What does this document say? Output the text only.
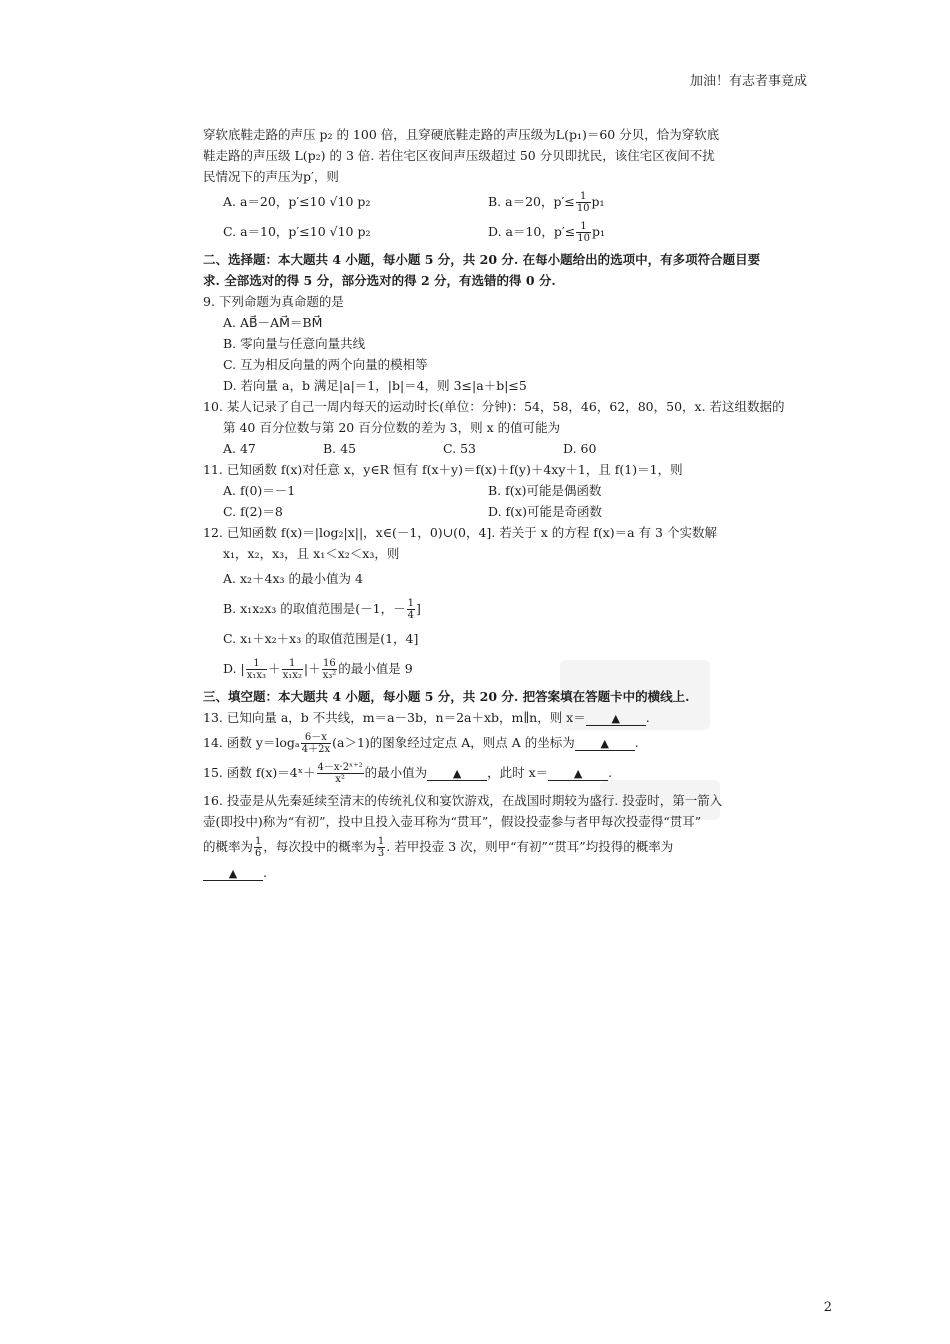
加油！有志者事竟成
穿软底鞋走路的声压 p₂ 的 100 倍，且穿硬底鞋走路的声压级为L(p₁)＝60 分贝，恰为穿软底
鞋走路的声压级 L(p₂) 的 3 倍. 若住宅区夜间声压级超过 50 分贝即扰民，该住宅区夜间不扰
民情况下的声压为p′，则
A. a＝20，p′≤10 √10 p₂	B. a＝20，$p'\le \frac{1}{10} p_1$
C. a＝10，p′≤10 √10 p₂	D. a＝10，$p'\le \frac{1}{10} p_1$
二、选择题：本大题共 4 小题，每小题 5 分，共 20 分. 在每小题给出的选项中，有多项符合题目要
求. 全部选对的得 5 分，部分选对的得 2 分，有选错的得 0 分.
9. 下列命题为真命题的是
A. AB⃗－AM⃗＝BM⃗
B. 零向量与任意向量共线
C. 互为相反向量的两个向量的模相等
D. 若向量 a，b 满足|a|＝1，|b|＝4，则 3≤|a＋b|≤5
10. 某人记录了自己一周内每天的运动时长(单位：分钟)：54，58，46，62，80，50，x. 若这组数据的
第 40 百分位数与第 20 百分位数的差为 3，则 x 的值可能为
A. 47	B. 45	C. 53	D. 60
11. 已知函数 f(x)对任意 x，y∈R 恒有 f(x＋y)＝f(x)＋f(y)＋4xy＋1，且 f(1)＝1，则
A. f(0)＝－1	B. f(x)可能是偶函数
C. f(2)＝8	D. f(x)可能是奇函数
12. 已知函数 f(x)＝|log₂|x||，x∈(－1，0)∪(0，4]. 若关于 x 的方程 f(x)＝a 有 3 个实数解
x₁，x₂，x₃，且 x₁＜x₂＜x₃，则
A. x₂＋4x₃ 的最小值为 4
B. x₁x₂x₃ 的取值范围是(－1，－ $\frac{1}{4}$ ]
C. x₁＋x₂＋x₃ 的取值范围是(1，4]
D. | $\frac{1}{\text{x₁x₃}} + \frac{1}{\text{x₁x₂}}$ |＋ $\frac{16}{\text{x₃²}}$ 的最小值是 9
三、填空题：本大题共 4 小题，每小题 5 分，共 20 分. 把答案填在答题卡中的横线上.
13. 已知向量 a，b 不共线，m＝a－3b，n＝2a＋xb，m∥n，则 x＝ ▲ .
14. 函数 $y=\log_a \frac{6-x}{4+2x} (a>1)$的图象经过定点 A，则点 A 的坐标为 ▲ .
15. 函数 f(x)＝4ˣ＋ $\frac{\text{4－x·2ˣ⁺²}}{\text{x²}}$ 的最小值为 ▲ ，此时 x＝ ▲ .
16. 投壶是从先秦延续至清末的传统礼仪和宴饮游戏，在战国时期较为盛行. 投壶时，第一箭入
壶(即投中)称为“有初”，投中且投入壶耳称为“贯耳”，假设投壶参与者甲每次投壶得“贯耳”
的概率为 $\frac{1}{6}$ ，每次投中的概率为 $\frac{1}{3}$ . 若甲投壶 3 次，则甲“有初”“贯耳”均投得的概率为
▲ .
2
